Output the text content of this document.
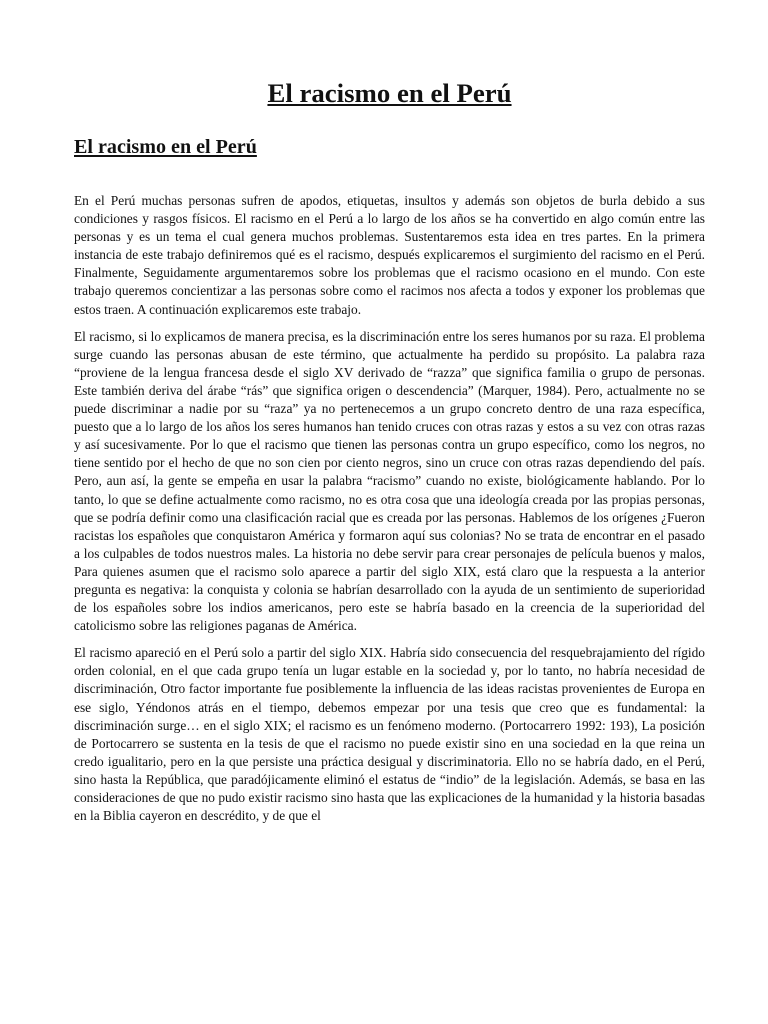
El racismo en el Perú
El racismo en el Perú

En el Perú muchas personas sufren de apodos, etiquetas, insultos y además son objetos de burla debido a sus condiciones y rasgos físicos. El racismo en el Perú a lo largo de los años se ha convertido en algo común entre las personas y es un tema el cual genera muchos problemas. Sustentaremos esta idea en tres partes. En la primera instancia de este trabajo definiremos qué es el racismo, después explicaremos el surgimiento del racismo en el Perú. Finalmente, Seguidamente argumentaremos sobre los problemas que el racismo ocasiono en el mundo. Con este trabajo queremos concientizar a las personas sobre como el racimos nos afecta a todos y exponer los problemas que estos traen. A continuación explicaremos este trabajo.

El racismo, si lo explicamos de manera precisa, es la discriminación entre los seres humanos por su raza. El problema surge cuando las personas abusan de este término, que actualmente ha perdido su propósito. La palabra raza “proviene de la lengua francesa desde el siglo XV derivado de “razza” que significa familia o grupo de personas. Este también deriva del árabe “rás” que significa origen o descendencia” (Marquer, 1984). Pero, actualmente no se puede discriminar a nadie por su “raza” ya no pertenecemos a un grupo concreto dentro de una raza específica, puesto que a lo largo de los años los seres humanos han tenido cruces con otras razas y estos a su vez con otras razas y así sucesivamente. Por lo que el racismo que tienen las personas contra un grupo específico, como los negros, no tiene sentido por el hecho de que no son cien por ciento negros, sino un cruce con otras razas dependiendo del país. Pero, aun así, la gente se empeña en usar la palabra “racismo” cuando no existe, biológicamente hablando. Por lo tanto, lo que se define actualmente como racismo, no es otra cosa que una ideología creada por las propias personas, que se podría definir como una clasificación racial que es creada por las personas. Hablemos de los orígenes ¿Fueron racistas los españoles que conquistaron América y formaron aquí sus colonias? No se trata de encontrar en el pasado a los culpables de todos nuestros males. La historia no debe servir para crear personajes de película buenos y malos, Para quienes asumen que el racismo solo aparece a partir del siglo XIX, está claro que la respuesta a la anterior pregunta es negativa: la conquista y colonia se habrían desarrollado con la ayuda de un sentimiento de superioridad de los españoles sobre los indios americanos, pero este se habría basado en la creencia de la superioridad del catolicismo sobre las religiones paganas de América.

El racismo apareció en el Perú solo a partir del siglo XIX. Habría sido consecuencia del resquebrajamiento del rígido orden colonial, en el que cada grupo tenía un lugar estable en la sociedad y, por lo tanto, no habría necesidad de discriminación, Otro factor importante fue posiblemente la influencia de las ideas racistas provenientes de Europa en ese siglo, Yéndonos atrás en el tiempo, debemos empezar por una tesis que creo que es fundamental: la discriminación surge… en el siglo XIX; el racismo es un fenómeno moderno. (Portocarrero 1992: 193), La posición de Portocarrero se sustenta en la tesis de que el racismo no puede existir sino en una sociedad en la que reina un credo igualitario, pero en la que persiste una práctica desigual y discriminatoria. Ello no se habría dado, en el Perú, sino hasta la República, que paradójicamente eliminó el estatus de “indio” de la legislación. Además, se basa en las consideraciones de que no pudo existir racismo sino hasta que las explicaciones de la humanidad y la historia basadas en la Biblia cayeron en descrédito, y de que el
